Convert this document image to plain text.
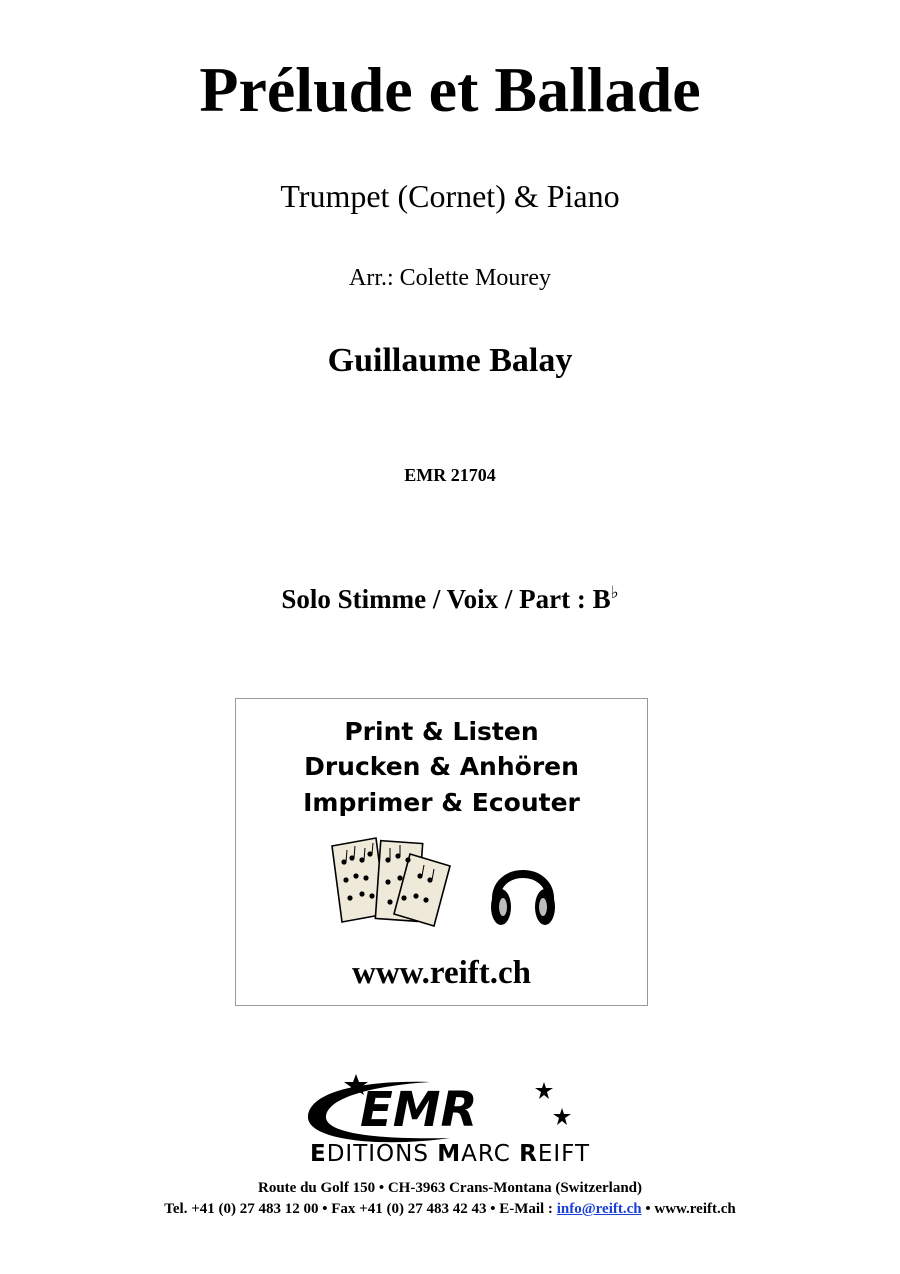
Prélude et Ballade
Trumpet (Cornet) & Piano
Arr.: Colette Mourey
Guillaume Balay
EMR 21704
Solo Stimme / Voix / Part : B♭
Print & Listen
Drucken & Anhören
Imprimer & Ecouter
www.reift.ch
EMR
EDITIONS MARC REIFT
Route du Golf 150 • CH-3963 Crans-Montana (Switzerland)
Tel. +41 (0) 27 483 12 00 • Fax +41 (0) 27 483 42 43 • E-Mail : info@reift.ch • www.reift.ch
